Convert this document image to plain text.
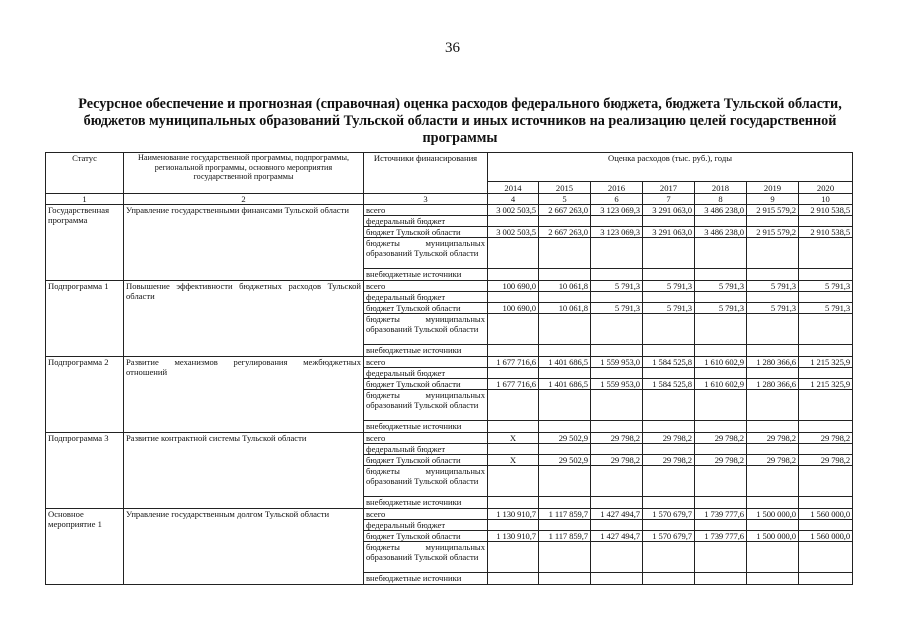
36
Ресурсное обеспечение и прогнозная (справочная) оценка расходов федерального бюджета, бюджета Тульской области, бюджетов муниципальных образований Тульской области и иных источников на реализацию целей государственной программы
Статус	Наименование государственной программы, подпрограммы, региональной программы, основного мероприятия государственной программы	Источники финансирования	Оценка расходов (тыс. руб.), годы						
			2014	2015	2016	2017	2018	2019	2020
1	2	3	4	5	6	7	8	9	10
Государственная программа	Управление государственными финансами Тульской области	всего	3 002 503,5	2 667 263,0	3 123 069,3	3 291 063,0	3 486 238,0	2 915 579,2	2 910 538,5
		федеральный бюджет							
		бюджет Тульской области	3 002 503,5	2 667 263,0	3 123 069,3	3 291 063,0	3 486 238,0	2 915 579,2	2 910 538,5
		бюджеты муниципальных образований Тульской области							
		внебюджетные источники							
Подпрограмма 1	Повышение эффективности бюджетных расходов Тульской области	всего	100 690,0	10 061,8	5 791,3	5 791,3	5 791,3	5 791,3	5 791,3
		федеральный бюджет							
		бюджет Тульской области	100 690,0	10 061,8	5 791,3	5 791,3	5 791,3	5 791,3	5 791,3
		бюджеты муниципальных образований Тульской области							
		внебюджетные источники							
Подпрограмма 2	Развитие механизмов регулирования межбюджетных отношений	всего	1 677 716,6	1 401 686,5	1 559 953,0	1 584 525,8	1 610 602,9	1 280 366,6	1 215 325,9
		федеральный бюджет							
		бюджет Тульской области	1 677 716,6	1 401 686,5	1 559 953,0	1 584 525,8	1 610 602,9	1 280 366,6	1 215 325,9
		бюджеты муниципальных образований Тульской области							
		внебюджетные источники							
Подпрограмма 3	Развитие контрактной системы Тульской области	всего	X	29 502,9	29 798,2	29 798,2	29 798,2	29 798,2	29 798,2
		федеральный бюджет							
		бюджет Тульской области	X	29 502,9	29 798,2	29 798,2	29 798,2	29 798,2	29 798,2
		бюджеты муниципальных образований Тульской области							
		внебюджетные источники							
Основное мероприятие 1	Управление государственным долгом Тульской области	всего	1 130 910,7	1 117 859,7	1 427 494,7	1 570 679,7	1 739 777,6	1 500 000,0	1 560 000,0
		федеральный бюджет							
		бюджет Тульской области	1 130 910,7	1 117 859,7	1 427 494,7	1 570 679,7	1 739 777,6	1 500 000,0	1 560 000,0
		бюджеты муниципальных образований Тульской области							
		внебюджетные источники							
